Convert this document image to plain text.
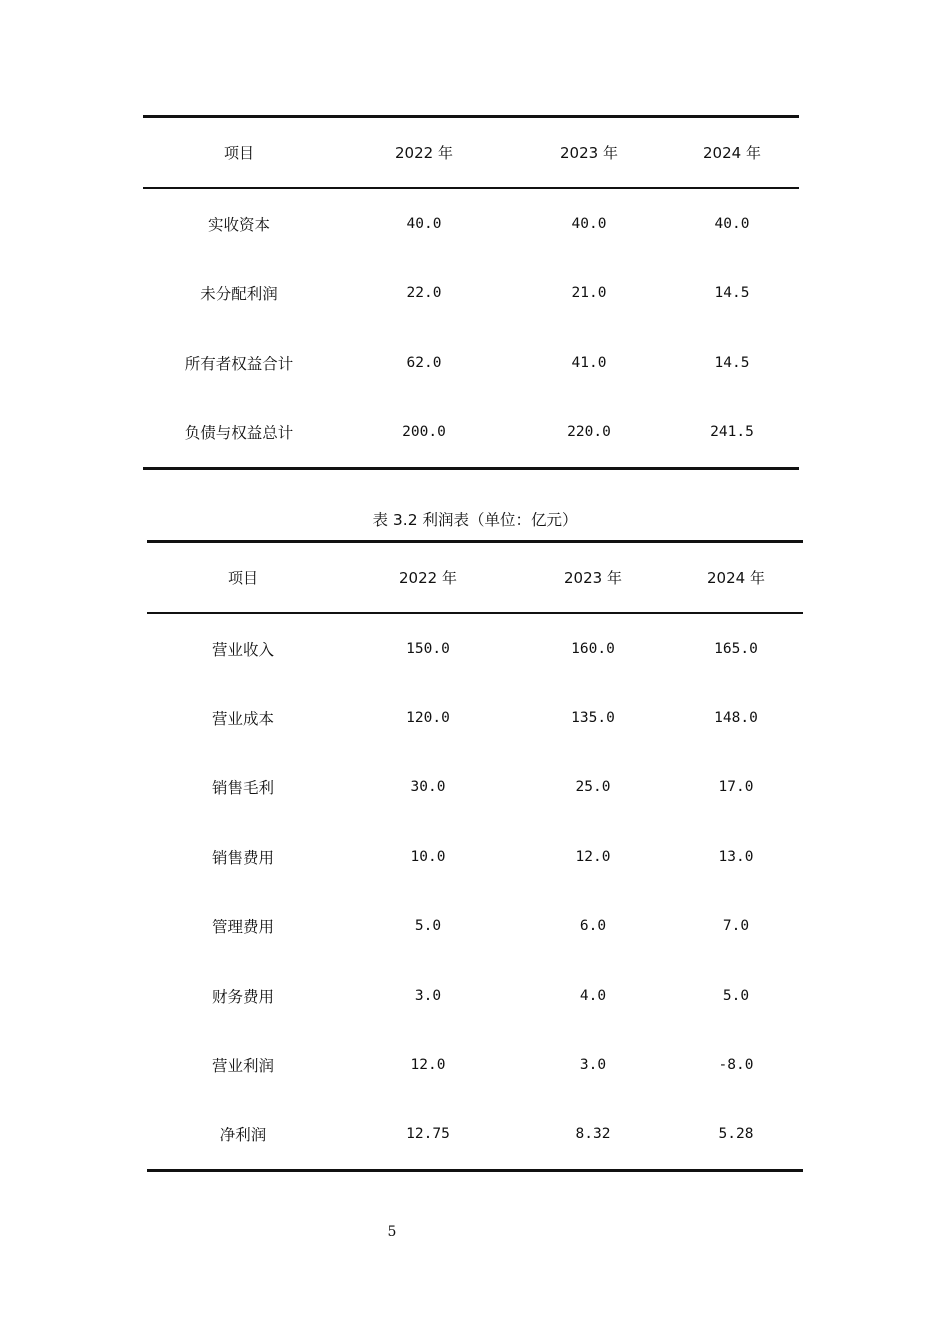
项目	2022 年	2023 年	2024 年
实收资本	40.0	40.0	40.0
未分配利润	22.0	21.0	14.5
所有者权益合计	62.0	41.0	14.5
负债与权益总计	200.0	220.0	241.5
表 3.2 利润表（单位：亿元）
项目	2022 年	2023 年	2024 年
营业收入	150.0	160.0	165.0
营业成本	120.0	135.0	148.0
销售毛利	30.0	25.0	17.0
销售费用	10.0	12.0	13.0
管理费用	5.0	6.0	7.0
财务费用	3.0	4.0	5.0
营业利润	12.0	3.0	-8.0
净利润	12.75	8.32	5.28
5
